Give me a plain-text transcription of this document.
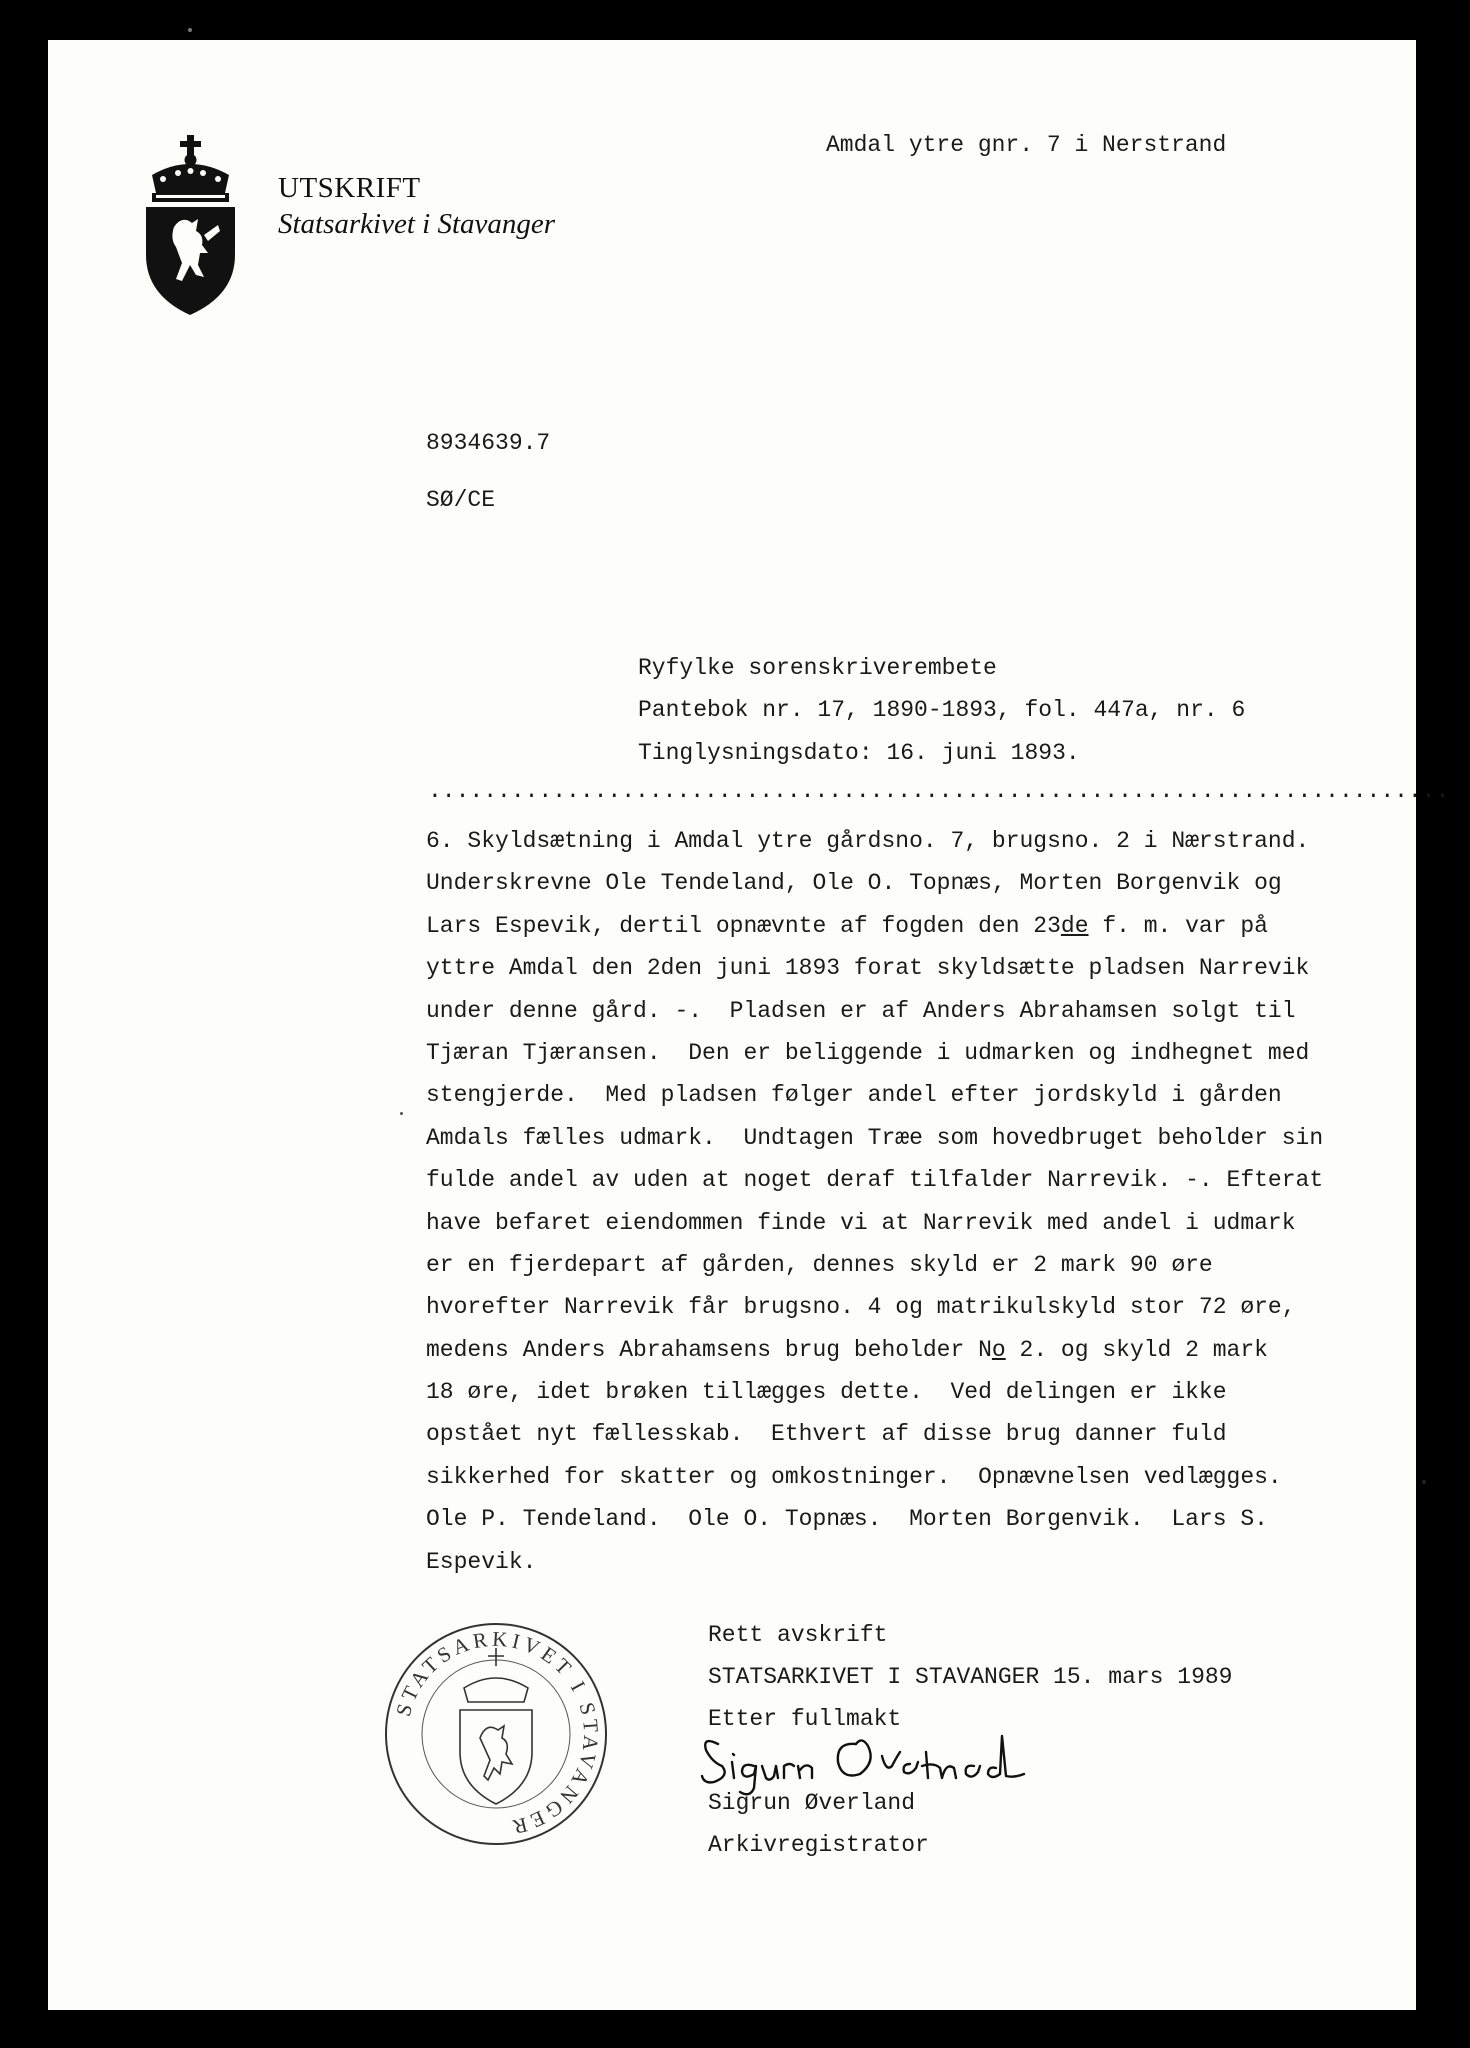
UTSKRIFT
Statsarkivet i Stavanger
Amdal ytre gnr. 7 i Nerstrand
8934639.7
SØ/CE
Ryfylke sorenskriverembete
Pantebok nr. 17, 1890-1893, fol. 447a, nr. 6
Tinglysningsdato: 16. juni 1893.
..........................................................................
6. Skyldsætning i Amdal ytre gårdsno. 7, brugsno. 2 i Nærstrand.
Underskrevne Ole Tendeland, Ole O. Topnæs, Morten Borgenvik og
Lars Espevik, dertil opnævnte af fogden den 23de f. m. var på
yttre Amdal den 2den juni 1893 forat skyldsætte pladsen Narrevik
under denne gård. -.  Pladsen er af Anders Abrahamsen solgt til
Tjæran Tjæransen.  Den er beliggende i udmarken og indhegnet med
stengjerde.  Med pladsen følger andel efter jordskyld i gården
Amdals fælles udmark.  Undtagen Træe som hovedbruget beholder sin
fulde andel av uden at noget deraf tilfalder Narrevik. -. Efterat
have befaret eiendommen finde vi at Narrevik med andel i udmark
er en fjerdepart af gården, dennes skyld er 2 mark 90 øre
hvorefter Narrevik får brugsno. 4 og matrikulskyld stor 72 øre,
medens Anders Abrahamsens brug beholder No 2. og skyld 2 mark
18 øre, idet brøken tillægges dette.  Ved delingen er ikke
opstået nyt fællesskab.  Ethvert af disse brug danner fuld
sikkerhed for skatter og omkostninger.  Opnævnelsen vedlægges.
Ole P. Tendeland.  Ole O. Topnæs.  Morten Borgenvik.  Lars S.
Espevik.
STATSARKIVET I STAVANGER
Rett avskrift
STATSARKIVET I STAVANGER 15. mars 1989
Etter fullmakt
Sigrun Øverland
Arkivregistrator
